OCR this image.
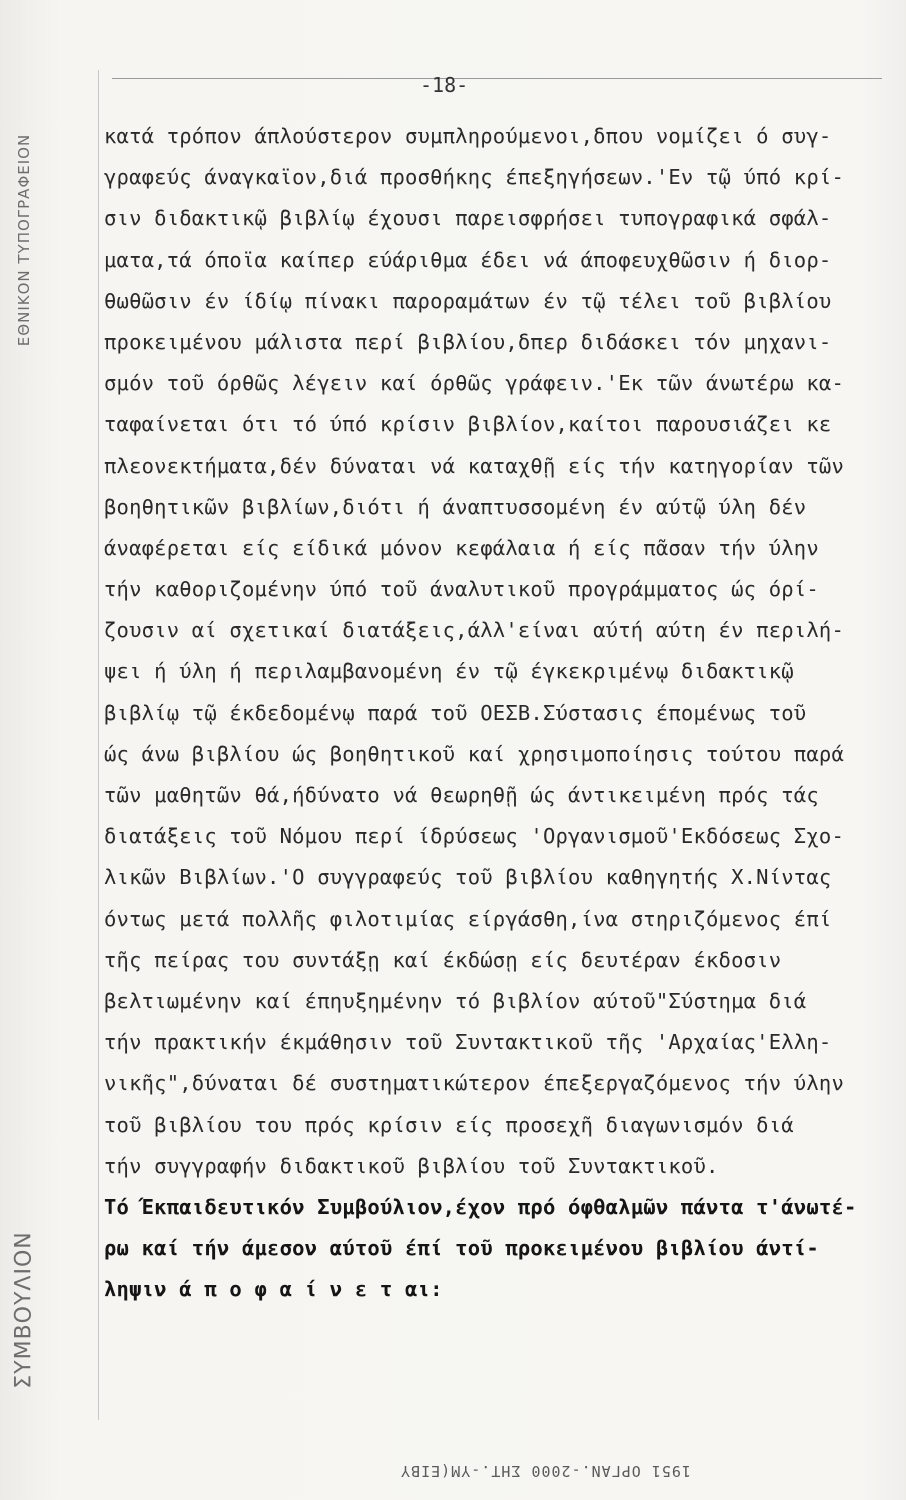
ΕΘΝΙΚΟΝ ΤΥΠΟΓΡΑΦΕΙΟΝ
ΣΥΜΒΟΥΛΙΟΝ
-18-
κατά τρόπον άπλούστερον συμπληρούμενοι,δπου νομίζει ό συγ-
γραφεύς άναγκαϊον,διά προσθήκης έπεξηγήσεων.'Εν τῷ ύπό κρί-
σιν διδακτικῷ βιβλίῳ έχουσι παρεισφρήσει τυπογραφικά σφάλ-
ματα,τά όποϊα καίπερ εύάριθμα έδει νά άποφευχθῶσιν ή διορ-
θωθῶσιν έν ίδίῳ πίνακι παροραμάτων έν τῷ τέλει τοῦ βιβλίου
προκειμένου μάλιστα περί βιβλίου,δπερ διδάσκει τόν μηχανι-
σμόν τοῦ όρθῶς λέγειν καί όρθῶς γράφειν.'Εκ τῶν άνωτέρω κα-
ταφαίνεται ότι τό ύπό κρίσιν βιβλίον,καίτοι παρουσιάζει κε
πλεονεκτήματα,δέν δύναται νά καταχθῇ είς τήν κατηγορίαν τῶν
βοηθητικῶν βιβλίων,διότι ή άναπτυσσομένη έν αύτῷ ύλη δέν
άναφέρεται είς είδικά μόνον κεφάλαια ή είς πᾶσαν τήν ύλην
τήν καθοριζομένην ύπό τοῦ άναλυτικοῦ προγράμματος ώς όρί-
ζουσιν αί σχετικαί διατάξεις,άλλ'είναι αύτή αύτη έν περιλή-
ψει ή ύλη ή περιλαμβανομένη έν τῷ έγκεκριμένῳ διδακτικῷ
βιβλίῳ τῷ έκδεδομένῳ παρά τοῦ ΟΕΣΒ.Σύστασις έπομένως τοῦ
ώς άνω βιβλίου ώς βοηθητικοῦ καί χρησιμοποίησις τούτου παρά
τῶν μαθητῶν θά,ήδύνατο νά θεωρηθῇ ώς άντικειμένη πρός τάς
διατάξεις τοῦ Νόμου περί ίδρύσεως 'Οργανισμοῦ'Εκδόσεως Σχο-
λικῶν Βιβλίων.'Ο συγγραφεύς τοῦ βιβλίου καθηγητής Χ.Νίντας
όντως μετά πολλῆς φιλοτιμίας είργάσθη,ίνα στηριζόμενος έπί
τῆς πείρας του συντάξῃ καί έκδώσῃ είς δευτέραν έκδοσιν
βελτιωμένην καί έπηυξημένην τό βιβλίον αύτοῦ"Σύστημα διά
τήν πρακτικήν έκμάθησιν τοῦ Συντακτικοῦ τῆς 'Αρχαίας'Ελλη-
νικῆς",δύναται δέ συστηματικώτερον έπεξεργαζόμενος τήν ύλην
τοῦ βιβλίου του πρός κρίσιν είς προσεχῆ διαγωνισμόν διά
τήν συγγραφήν διδακτικοῦ βιβλίου τοῦ Συντακτικοῦ.
Τό Έκπαιδευτικόν Συμβούλιον,έχον πρό όφθαλμῶν πάντα τ'άνωτέ-
ρω καί τήν άμεσον αύτοῦ έπί τοῦ προκειμένου βιβλίου άντί-
ληψιν ά π ο φ α ί ν ε τ αι:
1951 ΟΡΓΑΝ.-2000 ΣΗΤ.-ΥΜ(ΕΙΒΥ
